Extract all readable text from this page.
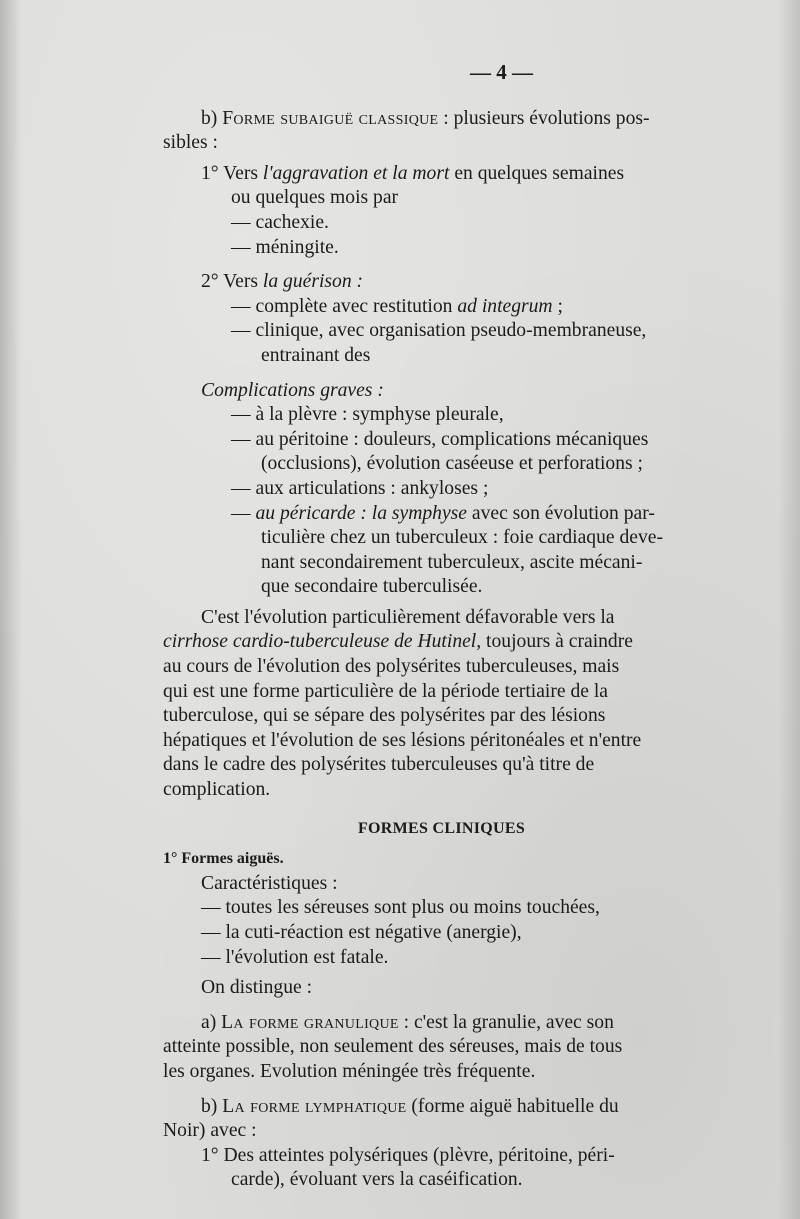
— 4 —

b) Forme subaiguë classique : plusieurs évolutions pos-

sibles :

1° Vers l'aggravation et la mort en quelques semaines

ou quelques mois par

— cachexie.

— méningite.

2° Vers la guérison :

— complète avec restitution ad integrum ;

— clinique, avec organisation pseudo-membraneuse,

entrainant des

Complications graves :

— à la plèvre : symphyse pleurale,

— au péritoine : douleurs, complications mécaniques

(occlusions), évolution caséeuse et perforations ;

— aux articulations : ankyloses ;

— au péricarde : la symphyse avec son évolution par-

ticulière chez un tuberculeux : foie cardiaque deve-

nant secondairement tuberculeux, ascite mécani-

que secondaire tuberculisée.

C'est l'évolution particulièrement défavorable vers la

cirrhose cardio-tuberculeuse de Hutinel, toujours à craindre

au cours de l'évolution des polysérites tuberculeuses, mais

qui est une forme particulière de la période tertiaire de la

tuberculose, qui se sépare des polysérites par des lésions

hépatiques et l'évolution de ses lésions péritonéales et n'entre

dans le cadre des polysérites tuberculeuses qu'à titre de

complication.

FORMES CLINIQUES

1° Formes aiguës.

Caractéristiques :

— toutes les séreuses sont plus ou moins touchées,

— la cuti-réaction est négative (anergie),

— l'évolution est fatale.

On distingue :

a) La forme granulique : c'est la granulie, avec son

atteinte possible, non seulement des séreuses, mais de tous

les organes. Evolution méningée très fréquente.

b) La forme lymphatique (forme aiguë habituelle du

Noir) avec :

1° Des atteintes polysériques (plèvre, péritoine, péri-

carde), évoluant vers la caséification.
